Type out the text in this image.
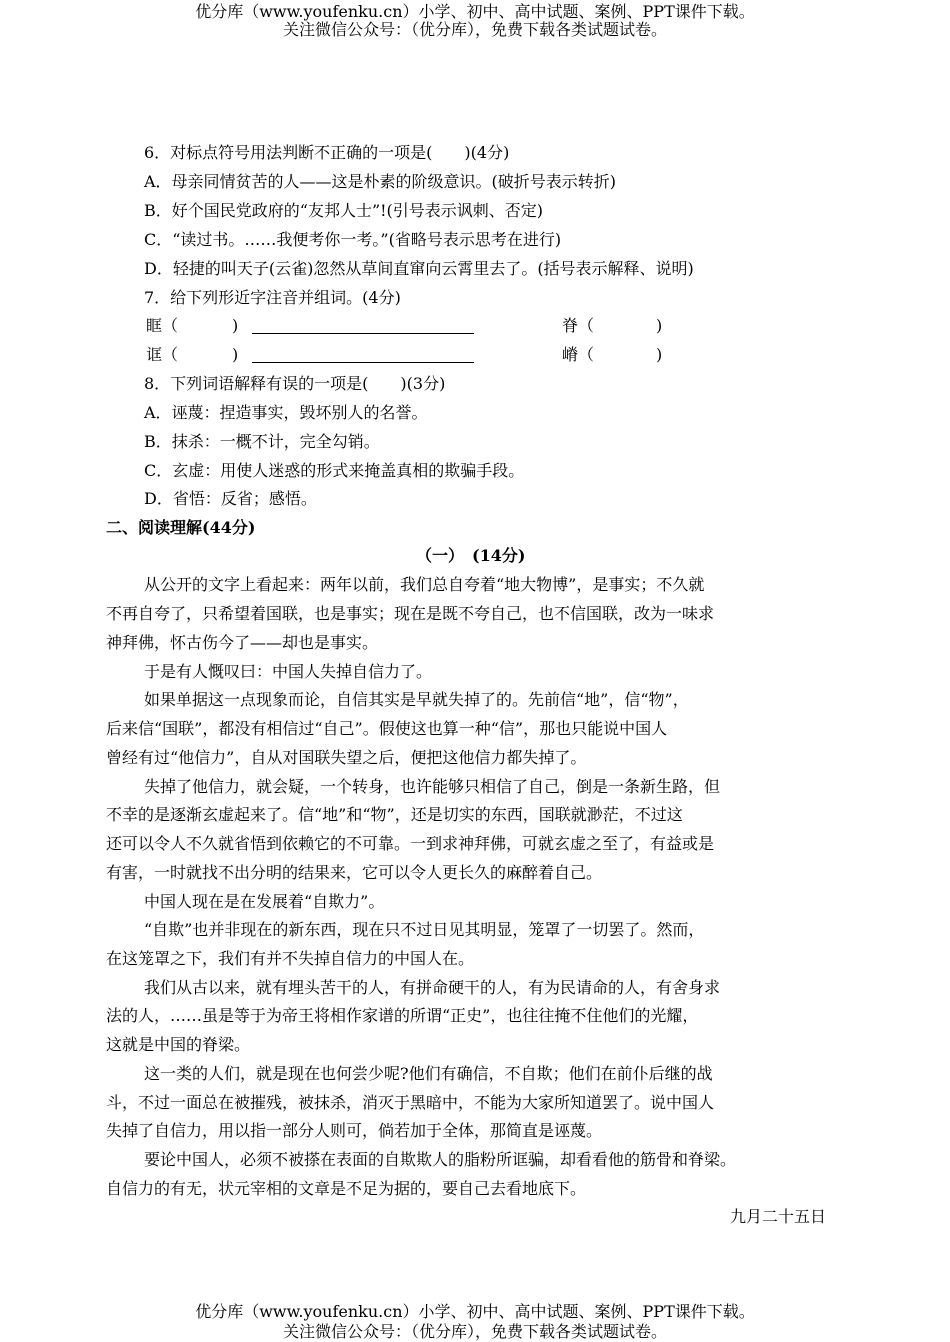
优分库（www.youfenku.cn）小学、初中、高中试题、案例、PPT课件下载。
关注微信公众号：（优分库），免费下载各类试题试卷。
6．对标点符号用法判断不正确的一项是(　　)(4分)
A．母亲同情贫苦的人——这是朴素的阶级意识。(破折号表示转折)
B．好个国民党政府的“友邦人士”!(引号表示讽刺、否定)
C．“读过书。……我便考你一考。”(省略号表示思考在进行)
D．轻捷的叫天子(云雀)忽然从草间直窜向云霄里去了。(括号表示解释、说明)
7．给下列形近字注音并组词。(4分)
眶（	)	脊（	)
诓（	)	嵴（	)
8．下列词语解释有误的一项是(　　)(3分)
A．诬蔑：捏造事实，毁坏别人的名誉。
B．抹杀：一概不计，完全勾销。
C．玄虚：用使人迷惑的形式来掩盖真相的欺骗手段。
D．省悟：反省；感悟。
二、阅读理解(44分)
（一）　(14分)
从公开的文字上看起来：两年以前，我们总自夸着“地大物博”，是事实；不久就
不再自夸了，只希望着国联，也是事实；现在是既不夸自己，也不信国联，改为一味求
神拜佛，怀古伤今了——却也是事实。
于是有人慨叹曰：中国人失掉自信力了。
如果单据这一点现象而论，自信其实是早就失掉了的。先前信“地”，信“物”，
后来信“国联”，都没有相信过“自己”。假使这也算一种“信”，那也只能说中国人
曾经有过“他信力”，自从对国联失望之后，便把这他信力都失掉了。
失掉了他信力，就会疑，一个转身，也许能够只相信了自己，倒是一条新生路，但
不幸的是逐渐玄虚起来了。信“地”和“物”，还是切实的东西，国联就渺茫，不过这
还可以令人不久就省悟到依赖它的不可靠。一到求神拜佛，可就玄虚之至了，有益或是
有害，一时就找不出分明的结果来，它可以令人更长久的麻醉着自己。
中国人现在是在发展着“自欺力”。
“自欺”也并非现在的新东西，现在只不过日见其明显，笼罩了一切罢了。然而，
在这笼罩之下，我们有并不失掉自信力的中国人在。
我们从古以来，就有埋头苦干的人，有拼命硬干的人，有为民请命的人，有舍身求
法的人，……虽是等于为帝王将相作家谱的所谓“正史”，也往往掩不住他们的光耀，
这就是中国的脊梁。
这一类的人们，就是现在也何尝少呢?他们有确信，不自欺；他们在前仆后继的战
斗，不过一面总在被摧残，被抹杀，消灭于黑暗中，不能为大家所知道罢了。说中国人
失掉了自信力，用以指一部分人则可，倘若加于全体，那简直是诬蔑。
要论中国人，必须不被搽在表面的自欺欺人的脂粉所诓骗，却看看他的筋骨和脊梁。
自信力的有无，状元宰相的文章是不足为据的，要自己去看地底下。
九月二十五日
优分库（www.youfenku.cn）小学、初中、高中试题、案例、PPT课件下载。
关注微信公众号：（优分库），免费下载各类试题试卷。
